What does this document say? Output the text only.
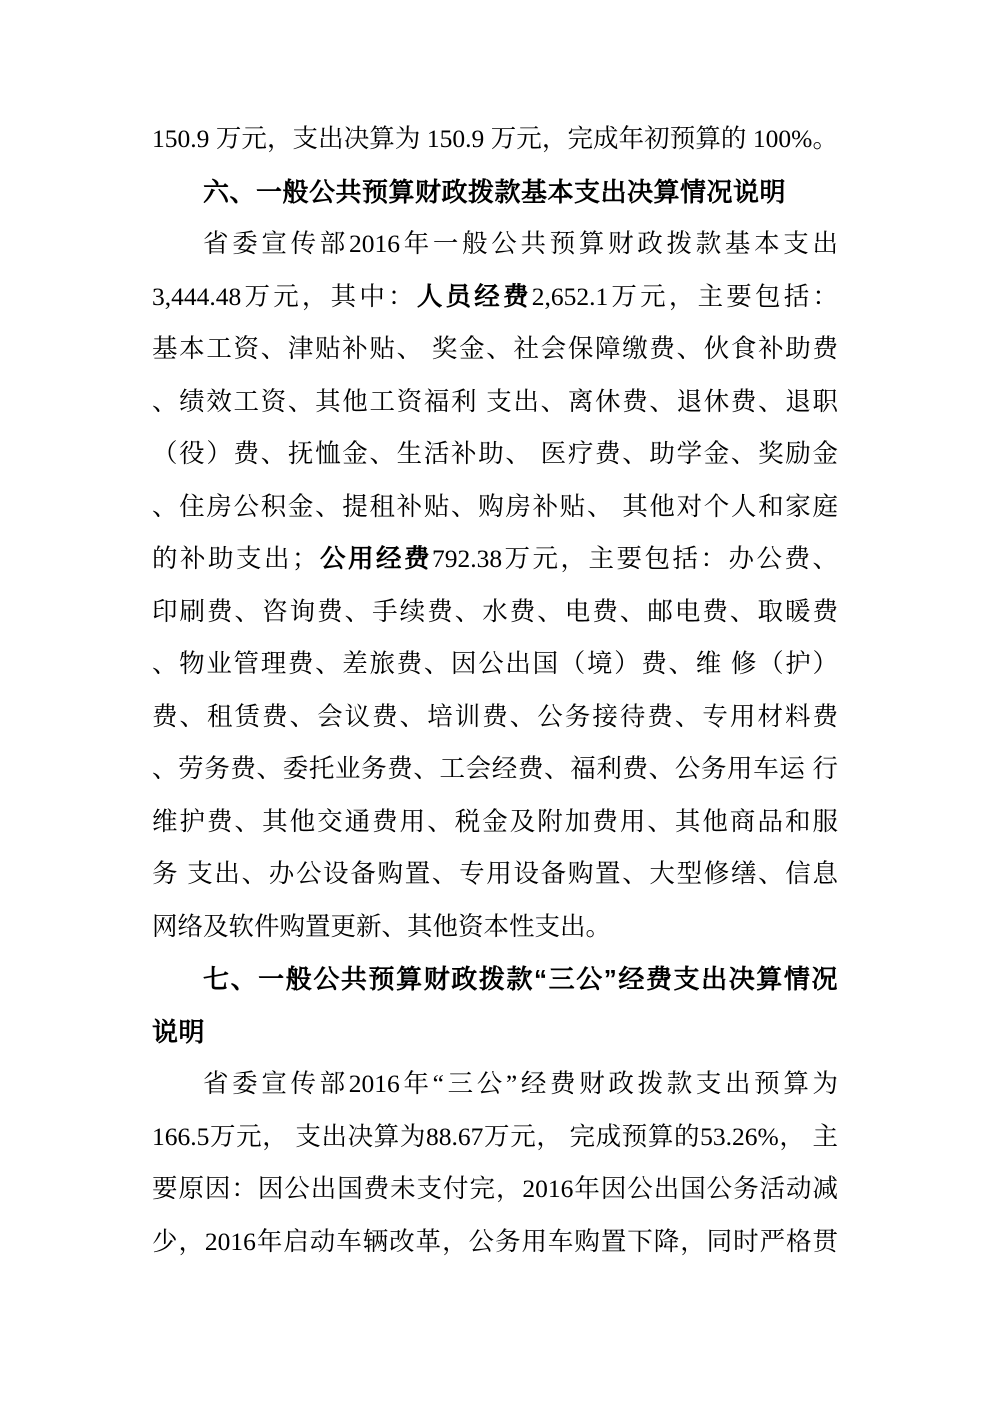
150.9 万元，支出决算为 150.9 万元，完成年初预算的 100%。
六、一般公共预算财政拨款基本支出决算情况说明
省委宣传部2016年一般公共预算财政拨款基本支出
3,444.48万元，其中：人员经费2,652.1万元，主要包括：
基本工资、津贴补贴、 奖金、社会保障缴费、伙食补助费
、绩效工资、其他工资福利 支出、离休费、退休费、退职
（役）费、抚恤金、生活补助、 医疗费、助学金、奖励金
、住房公积金、提租补贴、购房补贴、 其他对个人和家庭
的补助支出；公用经费792.38万元，主要包括：办公费、
印刷费、咨询费、手续费、水费、电费、邮电费、取暖费
、物业管理费、差旅费、因公出国（境）费、维 修（护）
费、租赁费、会议费、培训费、公务接待费、专用材料费
、劳务费、委托业务费、工会经费、福利费、公务用车运 行
维护费、其他交通费用、税金及附加费用、其他商品和服
务 支出、办公设备购置、专用设备购置、大型修缮、信息
网络及软件购置更新、其他资本性支出。
七、一般公共预算财政拨款“三公”经费支出决算情况
说明
省委宣传部2016年“三公”经费财政拨款支出预算为
166.5万元， 支出决算为88.67万元， 完成预算的53.26%， 主
要原因：因公出国费未支付完，2016年因公出国公务活动减
少，2016年启动车辆改革，公务用车购置下降，同时严格贯
